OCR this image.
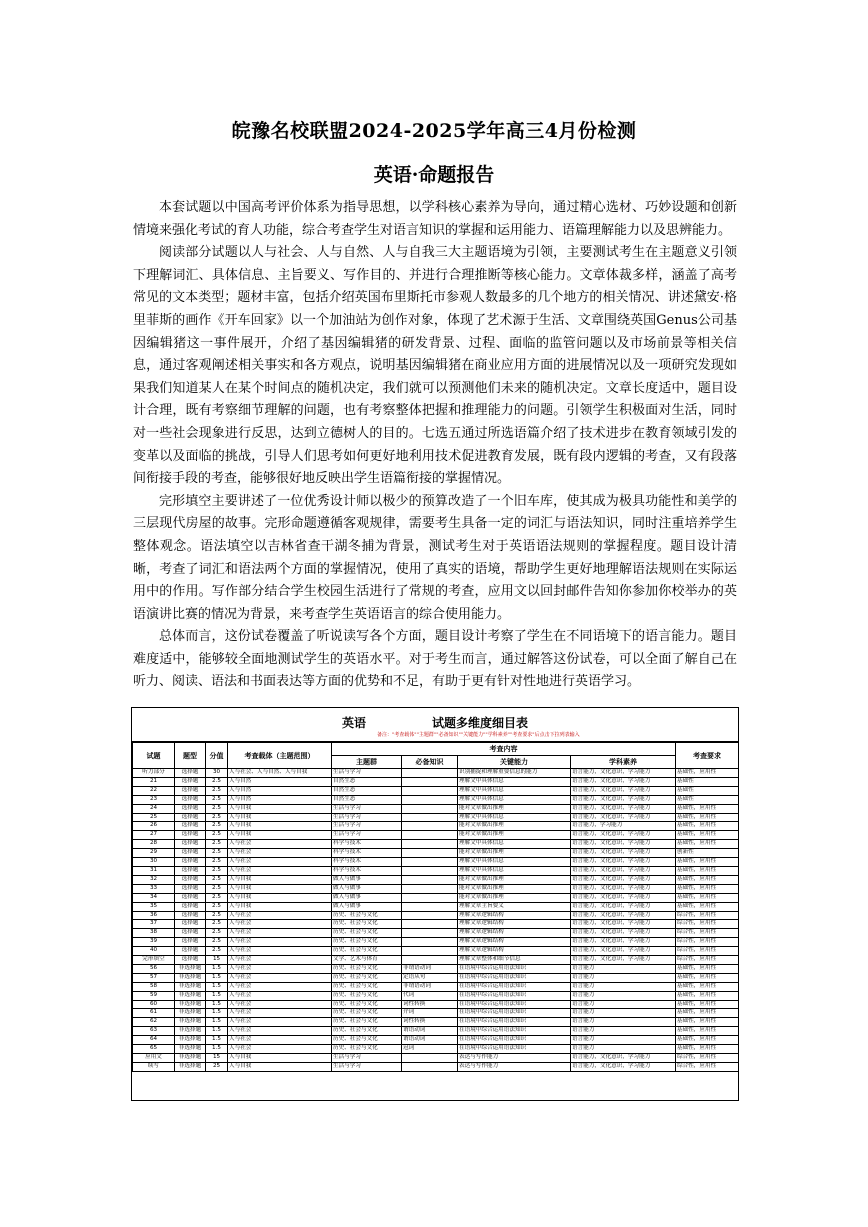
皖豫名校联盟2024-2025学年高三4月份检测
英语·命题报告

本套试题以中国高考评价体系为指导思想，以学科核心素养为导向，通过精心选材、巧妙设题和创新情境来强化考试的育人功能，综合考查学生对语言知识的掌握和运用能力、语篇理解能力以及思辨能力。

阅读部分试题以人与社会、人与自然、人与自我三大主题语境为引领，主要测试考生在主题意义引领下理解词汇、具体信息、主旨要义、写作目的、并进行合理推断等核心能力。文章体裁多样，涵盖了高考常见的文本类型；题材丰富，包括介绍英国布里斯托市参观人数最多的几个地方的相关情况、讲述黛安·格里菲斯的画作《开车回家》以一个加油站为创作对象，体现了艺术源于生活、文章围绕英国Genus公司基因编辑猪这一事件展开，介绍了基因编辑猪的研发背景、过程、面临的监管问题以及市场前景等相关信息，通过客观阐述相关事实和各方观点，说明基因编辑猪在商业应用方面的进展情况以及一项研究发现如果我们知道某人在某个时间点的随机决定，我们就可以预测他们未来的随机决定。文章长度适中，题目设计合理，既有考察细节理解的问题，也有考察整体把握和推理能力的问题。引领学生积极面对生活，同时对一些社会现象进行反思，达到立德树人的目的。七选五通过所选语篇介绍了技术进步在教育领域引发的变革以及面临的挑战，引导人们思考如何更好地利用技术促进教育发展，既有段内逻辑的考查，又有段落间衔接手段的考查，能够很好地反映出学生语篇衔接的掌握情况。

完形填空主要讲述了一位优秀设计师以极少的预算改造了一个旧车库，使其成为极具功能性和美学的三层现代房屋的故事。完形命题遵循客观规律，需要考生具备一定的词汇与语法知识，同时注重培养学生整体观念。语法填空以吉林省查干湖冬捕为背景，测试考生对于英语语法规则的掌握程度。题目设计清晰，考查了词汇和语法两个方面的掌握情况，使用了真实的语境，帮助学生更好地理解语法规则在实际运用中的作用。写作部分结合学生校园生活进行了常规的考查，应用文以回封邮件告知你参加你校举办的英语演讲比赛的情况为背景，来考查学生英语语言的综合使用能力。

总体而言，这份试卷覆盖了听说读写各个方面，题目设计考察了学生在不同语境下的语言能力。题目难度适中，能够较全面地测试学生的英语水平。对于考生而言，通过解答这份试卷，可以全面了解自己在听力、阅读、语法和书面表达等方面的优势和不足，有助于更有针对性地进行英语学习。

英语	试题多维度细目表
备注："考查载体""主题群""必备知识""关键能力""学科素养""考查要求"后点击下拉列表输入
试题	题型	分值	考查载体（主题范围）	考查内容				考查要求
				主题群	必备知识	关键能力	学科素养	
听力部分	选择题	30	人与社会、人与自然、人与自我	生活与学习		识别捕捉和理解重要信息的能力	语言能力，文化意识，学习能力	基础性，应用性
21	选择题	2.5	人与自然	自然生态		理解文中具体信息	语言能力，文化意识，学习能力	基础性
22	选择题	2.5	人与自然	自然生态		理解文中具体信息	语言能力，文化意识，学习能力	基础性
23	选择题	2.5	人与自然	自然生态		理解文中具体信息	语言能力，文化意识，学习能力	基础性
24	选择题	2.5	人与自我	生活与学习		能对文章做出推理	语言能力，文化意识，学习能力	基础性，应用性
25	选择题	2.5	人与自我	生活与学习		理解文中具体信息	语言能力，文化意识，学习能力	基础性，应用性
26	选择题	2.5	人与自我	生活与学习		能对文章做出推理	语言能力，学习能力	基础性，应用性
27	选择题	2.5	人与自我	生活与学习		能对文章做出推理	语言能力，文化意识，学习能力	基础性，应用性
28	选择题	2.5	人与社会	科学与技术		理解文中具体信息	语言能力，文化意识，学习能力	基础性，应用性
29	选择题	2.5	人与社会	科学与技术		能对文章做出推理	语言能力，文化意识，学习能力	创新性
30	选择题	2.5	人与社会	科学与技术		理解文中具体信息	语言能力，文化意识，学习能力	基础性，应用性
31	选择题	2.5	人与社会	科学与技术		理解文中具体信息	语言能力，文化意识，学习能力	基础性，应用性
32	选择题	2.5	人与自我	做人与做事		能对文章做出推理	语言能力，文化意识，学习能力	基础性，应用性
33	选择题	2.5	人与自我	做人与做事		能对文章做出推理	语言能力，文化意识，学习能力	基础性，应用性
34	选择题	2.5	人与自我	做人与做事		能对文章做出推理	语言能力，文化意识，学习能力	基础性，应用性
35	选择题	2.5	人与自我	做人与做事		理解文章主旨要义	语言能力，文化意识，学习能力	基础性，应用性
36	选择题	2.5	人与社会	历史、社会与文化		理解文章逻辑结构	语言能力，文化意识，学习能力	综合性，应用性
37	选择题	2.5	人与社会	历史、社会与文化		理解文章逻辑结构	语言能力，文化意识，学习能力	综合性，应用性
38	选择题	2.5	人与社会	历史、社会与文化		理解文章逻辑结构	语言能力，文化意识，学习能力	综合性，应用性
39	选择题	2.5	人与社会	历史、社会与文化		理解文章逻辑结构	语言能力，文化意识，学习能力	综合性，应用性
40	选择题	2.5	人与社会	历史、社会与文化		理解文章逻辑结构	语言能力，文化意识，学习能力	综合性，应用性
完形填空	选择题	15	人与社会	文学、艺术与体育		理解文章整体和细节信息	语言能力，文化意识，学习能力	综合性，应用性
56	非选择题	1.5	人与社会	历史、社会与文化	非谓语动词	在语境中综合运用语法知识	语言能力	基础性，应用性
57	非选择题	1.5	人与社会	历史、社会与文化	定语从句	在语境中综合运用语法知识	语言能力	基础性，应用性
58	非选择题	1.5	人与社会	历史、社会与文化	非谓语动词	在语境中综合运用语法知识	语言能力	基础性，应用性
59	非选择题	1.5	人与社会	历史、社会与文化	代词	在语境中综合运用语法知识	语言能力	基础性，应用性
60	非选择题	1.5	人与社会	历史、社会与文化	词性转换	在语境中综合运用语法知识	语言能力	基础性，应用性
61	非选择题	1.5	人与社会	历史、社会与文化	介词	在语境中综合运用语法知识	语言能力	基础性，应用性
62	非选择题	1.5	人与社会	历史、社会与文化	词性转换	在语境中综合运用语法知识	语言能力	基础性，应用性
63	非选择题	1.5	人与社会	历史、社会与文化	谓语动词	在语境中综合运用语法知识	语言能力	基础性，应用性
64	非选择题	1.5	人与社会	历史、社会与文化	谓语动词	在语境中综合运用语法知识	语言能力	基础性，应用性
65	非选择题	1.5	人与社会	历史、社会与文化	冠词	在语境中综合运用语法知识	语言能力	基础性，应用性
应用文	非选择题	15	人与自我	生活与学习		表达与写作能力	语言能力，文化意识，学习能力	综合性，应用性
续写	非选择题	25	人与自我	生活与学习		表达与写作能力	语言能力，文化意识，学习能力	综合性，应用性
